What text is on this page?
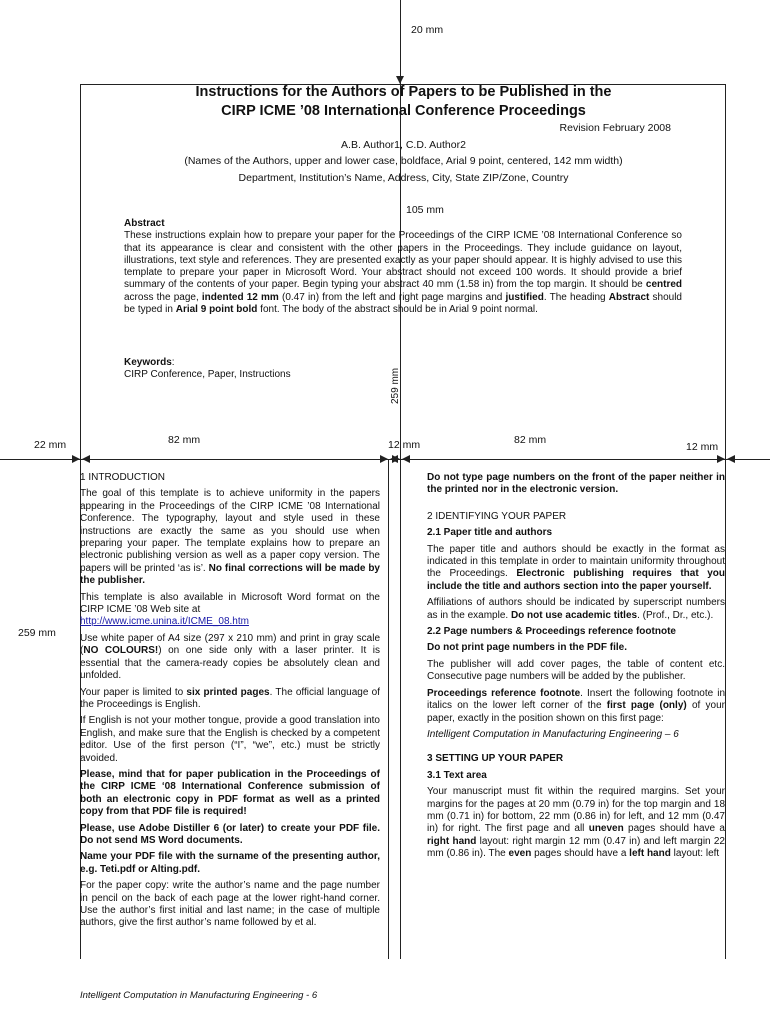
20 mm
22 mm	82 mm	12 mm	82 mm
12 mm
259 mm
259 mm
105 mm
Instructions for the Authors of Papers to be Published in the
CIRP ICME ’08 International Conference Proceedings
Revision February 2008
A.B. Author1, C.D. Author2
(Names of the Authors, upper and lower case, boldface, Arial 9 point, centered, 142 mm width)
Department, Institution’s Name, Address, City, State ZIP/Zone, Country
Abstract
These instructions explain how to prepare your paper for the Proceedings of the CIRP ICME ’08 International Conference so that its appearance is clear and consistent with the other papers in the Proceedings. They include guidance on layout, illustrations, text style and references. They are presented exactly as your paper should appear. It is highly advised to use this template to prepare your paper in Microsoft Word. Your abstract should not exceed 100 words. It should provide a brief summary of the contents of your paper. Begin typing your abstract 40 mm (1.58 in) from the top margin. It should be centred across the page, indented 12 mm (0.47 in) from the left and right page margins and justified. The heading Abstract should be typed in Arial 9 point bold font. The body of the abstract should be in Arial 9 point normal.
Keywords:
CIRP Conference, Paper, Instructions
1 INTRODUCTION

The goal of this template is to achieve uniformity in the papers appearing in the Proceedings of the CIRP ICME ’08 International Conference. The typography, layout and style used in these instructions are exactly the same as you should use when preparing your paper. The template explains how to prepare an electronic publishing version as well as a paper copy version. The papers will be printed ‘as is’. No final corrections will be made by the publisher.

This template is also available in Microsoft Word format on the CIRP ICME ’08 Web site at
http://www.icme.unina.it/ICME_08.htm

Use white paper of A4 size (297 x 210 mm) and print in gray scale (NO COLOURS!) on one side only with a laser printer. It is essential that the camera-ready copies be absolutely clean and unfolded.

Your paper is limited to six printed pages. The official language of the Proceedings is English.

If English is not your mother tongue, provide a good translation into English, and make sure that the English is checked by a competent editor. Use of the first person (“I”, “we”, etc.) must be strictly avoided.

Please, mind that for paper publication in the Proceedings of the CIRP ICME ‘08 International Conference submission of both an electronic copy in PDF format as well as a printed copy from that PDF file is required!

Please, use Adobe Distiller 6 (or later) to create your PDF file. Do not send MS Word documents.

Name your PDF file with the surname of the presenting author, e.g. Teti.pdf or Alting.pdf.

For the paper copy: write the author’s name and the page number in pencil on the back of each page at the lower right-hand corner. Use the author’s first initial and last name; in the case of multiple authors, give the first author’s name followed by et al.

Do not type page numbers on the front of the paper neither in the printed nor in the electronic version.

2 IDENTIFYING YOUR PAPER
2.1 Paper title and authors

The paper title and authors should be exactly in the format as indicated in this template in order to maintain uniformity throughout the Proceedings. Electronic publishing requires that you include the title and authors section into the paper yourself.

Affiliations of authors should be indicated by superscript numbers as in the example. Do not use academic titles. (Prof., Dr., etc.).

2.2 Page numbers & Proceedings reference footnote

Do not print page numbers in the PDF file.

The publisher will add cover pages, the table of content etc. Consecutive page numbers will be added by the publisher.

Proceedings reference footnote. Insert the following footnote in italics on the lower left corner of the first page (only) of your paper, exactly in the position shown on this first page:

Intelligent Computation in Manufacturing Engineering – 6

3 SETTING UP YOUR PAPER
3.1 Text area

Your manuscript must fit within the required margins. Set your margins for the pages at 20 mm (0.79 in) for the top margin and 18 mm (0.71 in) for bottom, 22 mm (0.86 in) for left, and 12 mm (0.47 in) for right. The first page and all uneven pages should have a right hand layout: right margin 12 mm (0.47 in) and left margin 22 mm (0.86 in). The even pages should have a left hand layout: left

Intelligent Computation in Manufacturing Engineering - 6
